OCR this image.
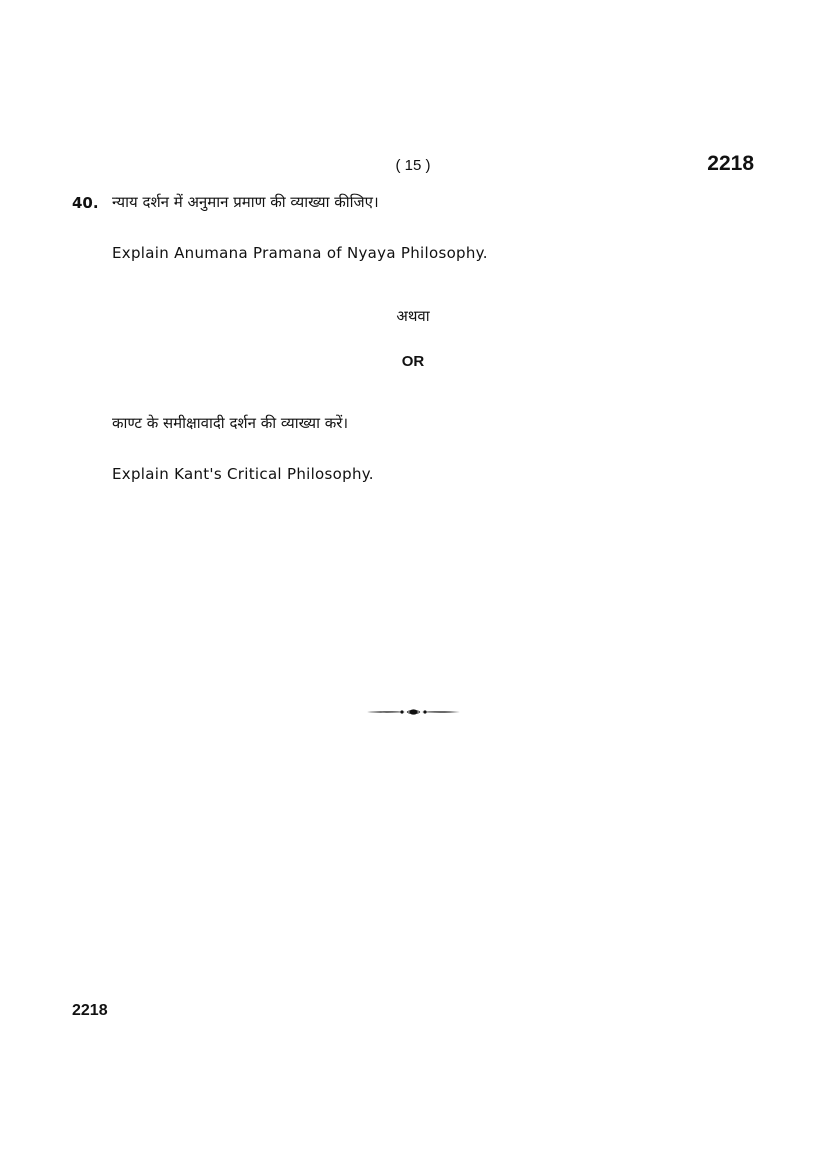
( 15 )	2218
40. न्याय दर्शन में अनुमान प्रमाण की व्याख्या कीजिए।
Explain Anumana Pramana of Nyaya Philosophy.
अथवा
OR
काण्ट के समीक्षावादी दर्शन की व्याख्या करें।
Explain Kant's Critical Philosophy.
2218
